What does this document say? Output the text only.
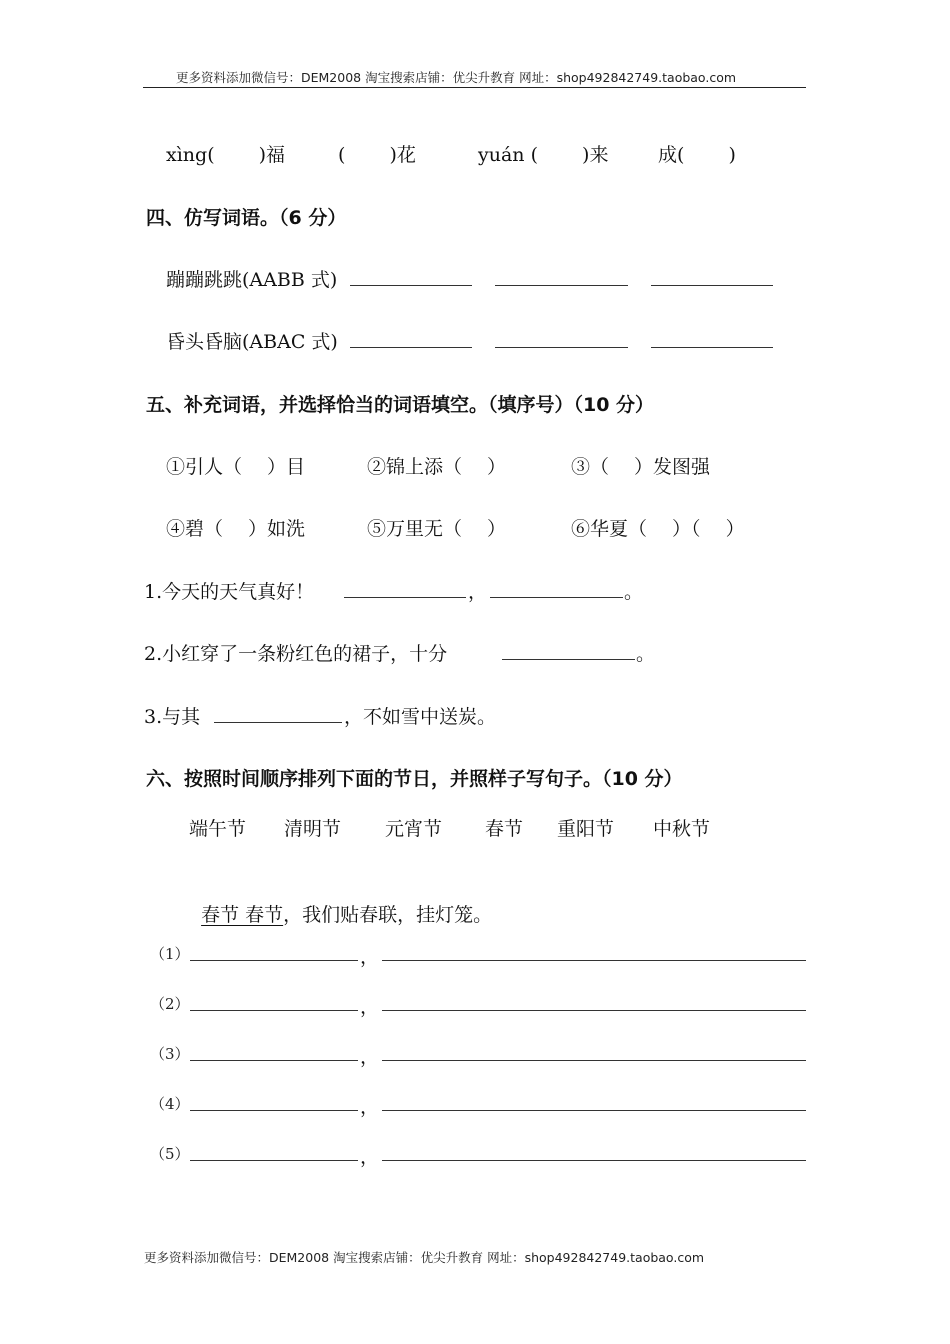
更多资料添加微信号：DEM2008 淘宝搜索店铺：优尖升教育 网址：shop492842749.taobao.com
xìng(　　 )福	(　　 )花	yuán (　　 )来	成(　　 )
四、仿写词语。（6 分）
蹦蹦跳跳(AABB 式)
昏头昏脑(ABAC 式)
五、补充词语，并选择恰当的词语填空。（填序号）（10 分）
①引人（　 ）目	②锦上添（　 ）	③（　 ）发图强
④碧（　 ）如洗	⑤万里无（　 ）	⑥华夏（　 ）（　 ）
1.今天的天气真好！	，	。
2.小红穿了一条粉红色的裙子，十分	。
3.与其	，不如雪中送炭。
六、按照时间顺序排列下面的节日，并照样子写句子。（10 分）
端午节 清明节 元宵节 春节 重阳节 中秋节

春节 春节，我们贴春联，挂灯笼。

（1）	，
（2）	，
（3）	，
（4）	，
（5）	，
更多资料添加微信号：DEM2008 淘宝搜索店铺：优尖升教育 网址：shop492842749.taobao.com
